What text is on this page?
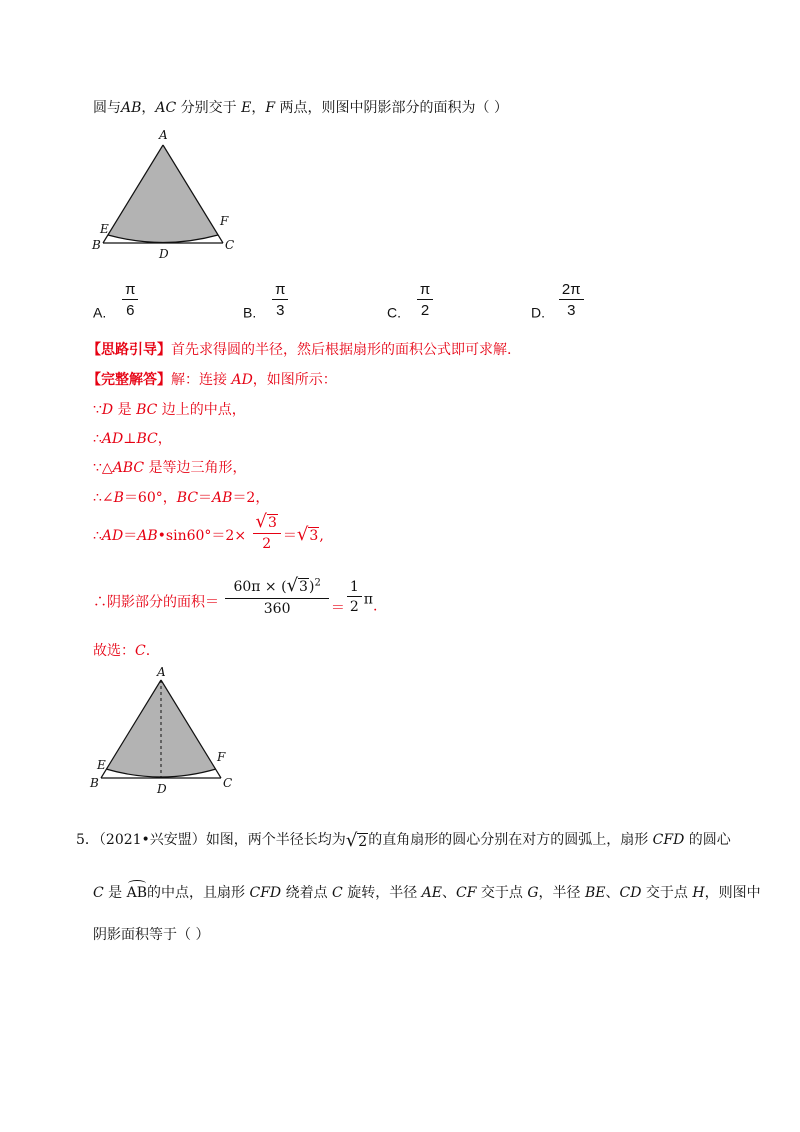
圆与AB，AC 分别交于 E，F 两点，则图中阴影部分的面积为（ ）
A
B	C
D
E
F
A. $\frac{\pi}{6}$	B. $\frac{\pi}{3}$	C. $\frac{\pi}{2}$	D. $\frac{2\pi}{3}$
【思路引导】首先求得圆的半径，然后根据扇形的面积公式即可求解.
【完整解答】解：连接 AD，如图所示：
∵D 是 BC 边上的中点，
∴AD⊥BC，
∵△ABC 是等边三角形，
∴∠B＝60°，BC＝AB＝2，
∴AD＝AB•sin60°＝2× $\frac{√ 3}{2}$ ＝ √ 3 ,
∴阴影部分的面积＝ $\frac{60\pi \times ( √ 3 )^2}{360} = \frac{1}{2} \pi$.
故选：C.
A
B	C
D
E
F
5．（2021•兴安盟）如图，两个半径长均为 √ 2 的直角扇形的圆心分别在对方的圆弧上，扇形 CFD 的圆心
C 是 AB的中点，且扇形 CFD 绕着点 C 旋转，半径 AE、CF 交于点 G，半径 BE、CD 交于点 H，则图中
阴影面积等于（ ）
